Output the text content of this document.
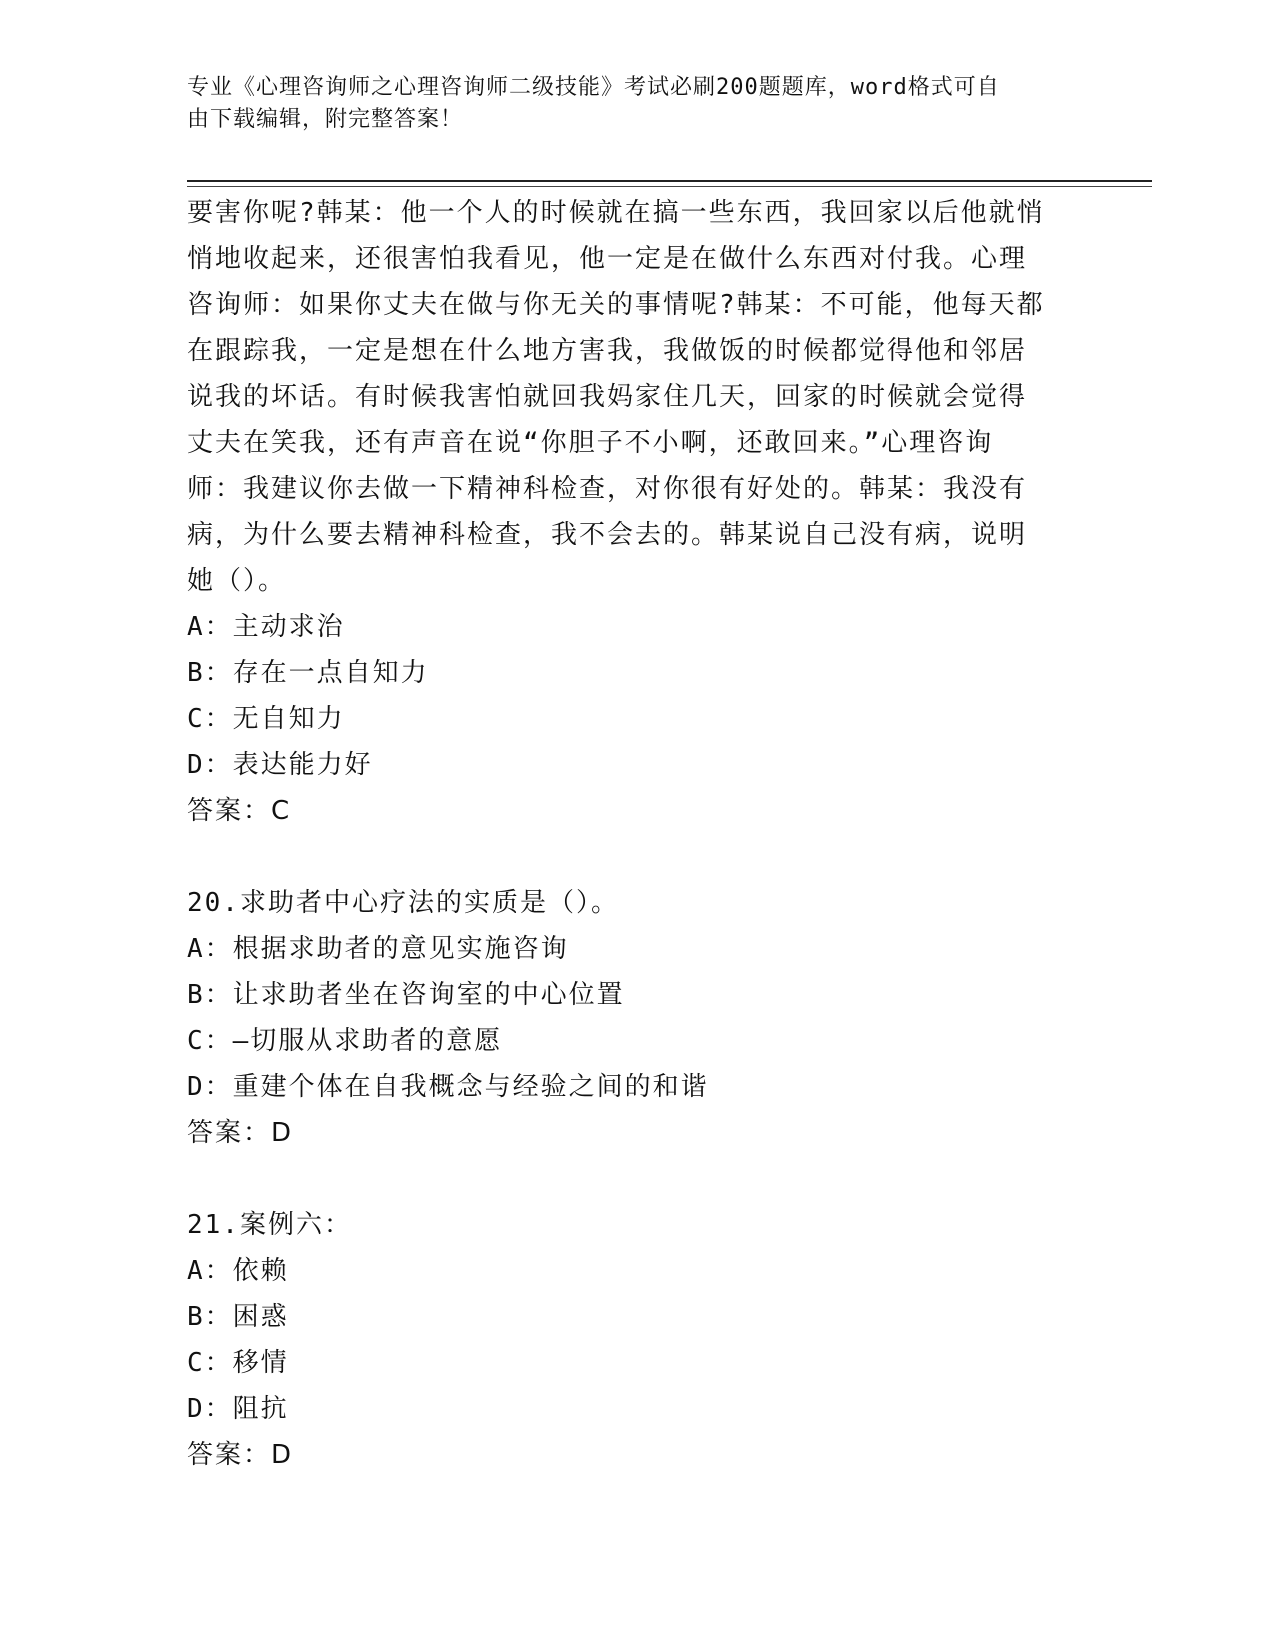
专业《心理咨询师之心理咨询师二级技能》考试必刷200题题库，word格式可自
由下载编辑，附完整答案！

要害你呢?韩某：他一个人的时候就在搞一些东西，我回家以后他就悄

悄地收起来，还很害怕我看见，他一定是在做什么东西对付我。心理

咨询师：如果你丈夫在做与你无关的事情呢?韩某：不可能，他每天都

在跟踪我，一定是想在什么地方害我，我做饭的时候都觉得他和邻居

说我的坏话。有时候我害怕就回我妈家住几天，回家的时候就会觉得

丈夫在笑我，还有声音在说“你胆子不小啊，还敢回来。”心理咨询

师：我建议你去做一下精神科检查，对你很有好处的。韩某：我没有

病，为什么要去精神科检查，我不会去的。韩某说自己没有病，说明

她（）。

A：主动求治

B：存在一点自知力

C：无自知力

D：表达能力好

答案：C

20.求助者中心疗法的实质是（）。

A：根据求助者的意见实施咨询

B：让求助者坐在咨询室的中心位置

C：—切服从求助者的意愿

D：重建个体在自我概念与经验之间的和谐

答案：D

21.案例六：

A：依赖

B：困惑

C：移情

D：阻抗

答案：D
